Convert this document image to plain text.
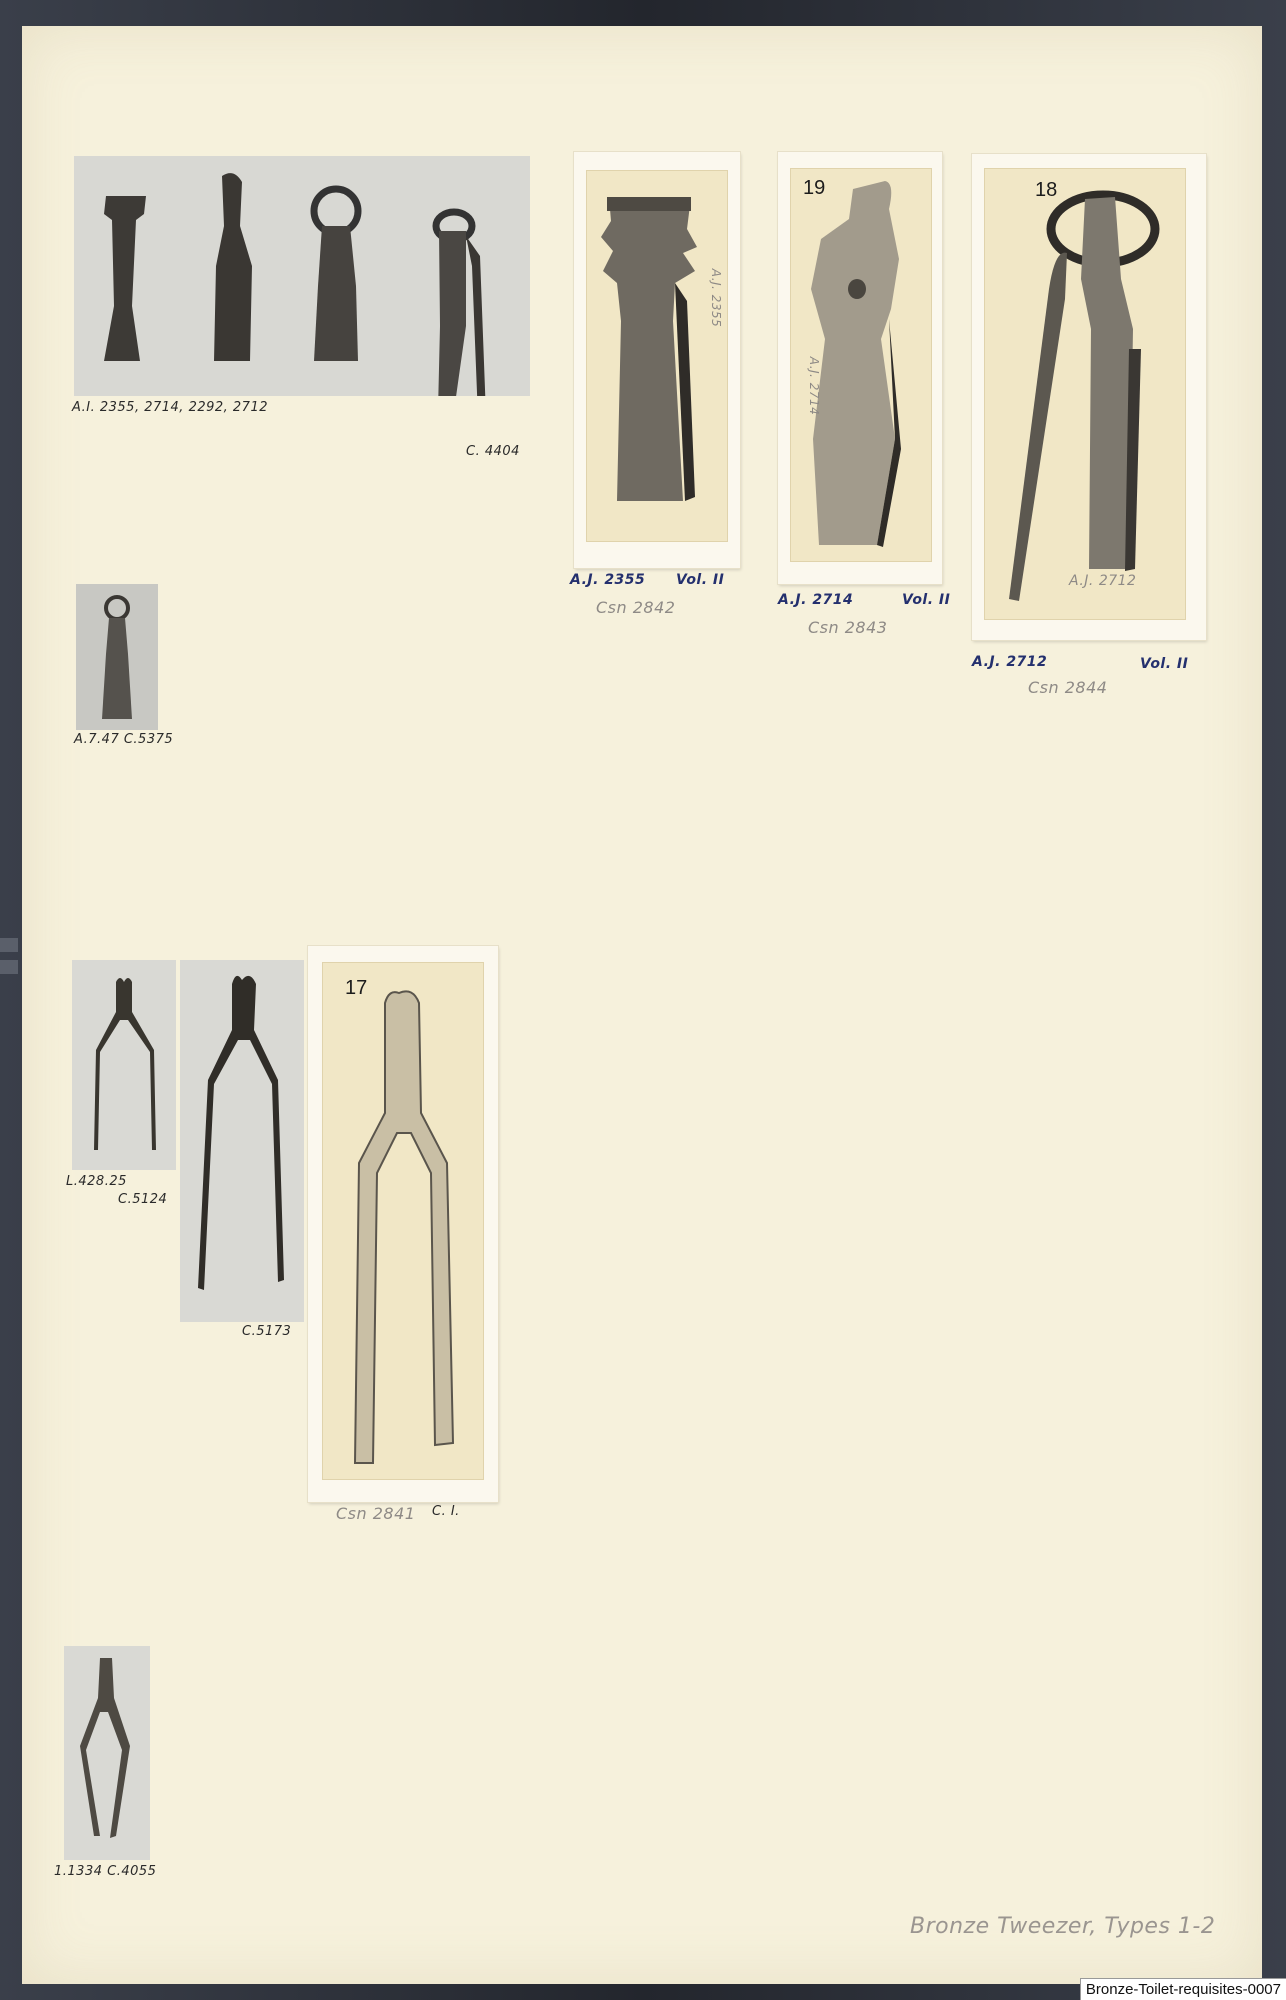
A.I. 2355, 2714, 2292, 2712
C. 4404
A.7.47 C.5375
A.J. 2355
A.J. 2355 Vol. II
Csn 2842
19
A.J. 2714
A.J. 2714	Vol. II
Csn 2843
18
A.J. 2712
A.J. 2712	Vol. II
Csn 2844
L.428.25
C.5124
C.5173
17
Csn 2841 C. I.
1.1334 C.4055
Bronze Tweezer, Types 1-2
Bronze-Toilet-requisites-0007
